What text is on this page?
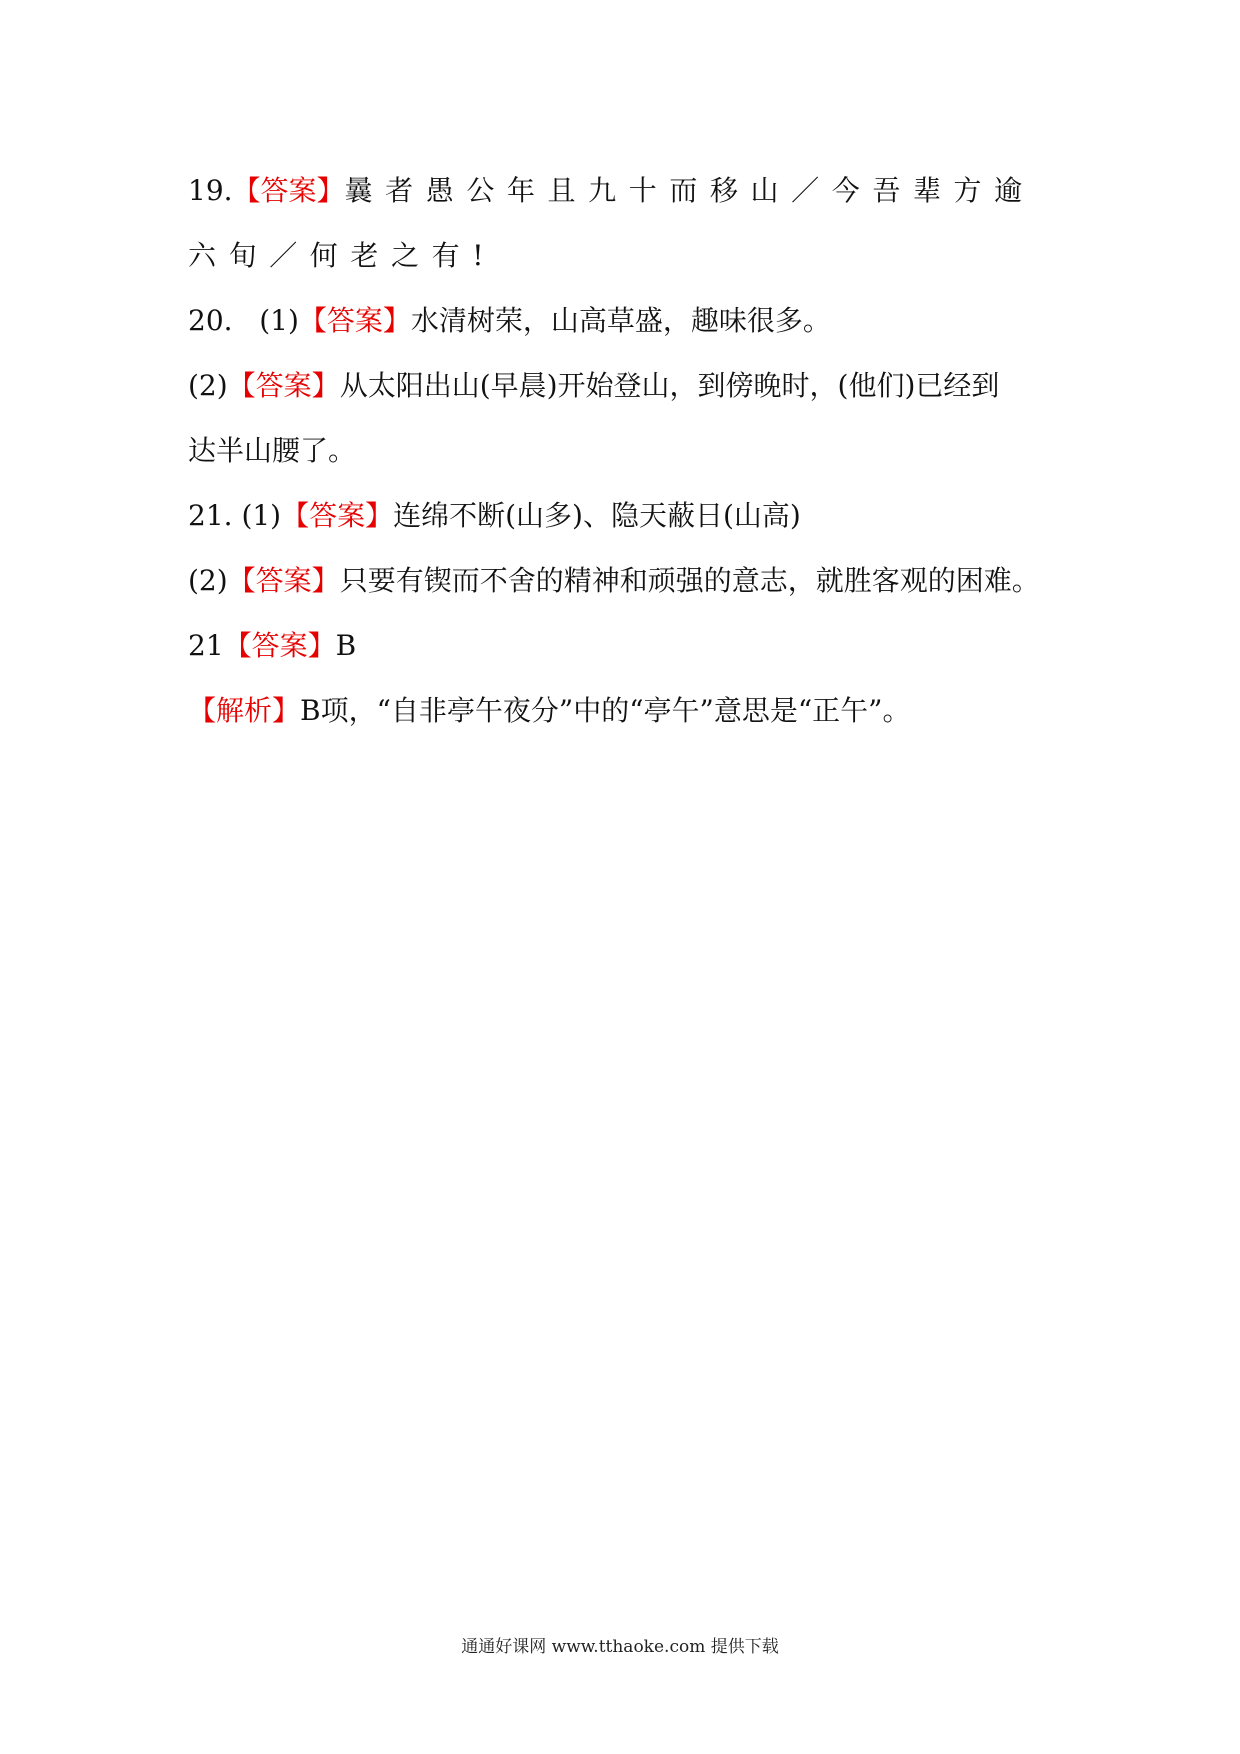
19.【答案】曩者愚公年且九十而移山／今吾辈方逾
六旬／何老之有!
20. (1)【答案】水清树荣，山高草盛，趣味很多。
(2)【答案】从太阳出山(早晨)开始登山，到傍晚时，(他们)已经到
达半山腰了。
21. (1)【答案】连绵不断(山多)、隐天蔽日(山高)
(2)【答案】只要有锲而不舍的精神和顽强的意志，就胜客观的困难。
21【答案】B
【解析】B项，“自非亭午夜分”中的“亭午”意思是“正午”。
通通好课网 www.tthaoke.com 提供下载
